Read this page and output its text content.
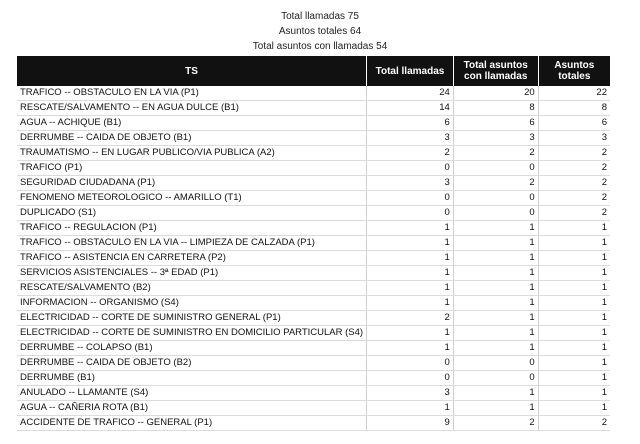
Total llamadas 75
Asuntos totales 64
Total asuntos con llamadas 54
TS	Total llamadas	Total asuntos con llamadas	Asuntos totales
TRAFICO -- OBSTACULO EN LA VIA (P1)	24	20	22
RESCATE/SALVAMENTO -- EN AGUA DULCE (B1)	14	8	8
AGUA -- ACHIQUE (B1)	6	6	6
DERRUMBE -- CAIDA DE OBJETO (B1)	3	3	3
TRAUMATISMO -- EN LUGAR PUBLICO/VIA PUBLICA (A2)	2	2	2
TRAFICO (P1)	0	0	2
SEGURIDAD CIUDADANA (P1)	3	2	2
FENOMENO METEOROLOGICO -- AMARILLO (T1)	0	0	2
DUPLICADO (S1)	0	0	2
TRAFICO -- REGULACION (P1)	1	1	1
TRAFICO -- OBSTACULO EN LA VIA -- LIMPIEZA DE CALZADA (P1)	1	1	1
TRAFICO -- ASISTENCIA EN CARRETERA (P2)	1	1	1
SERVICIOS ASISTENCIALES -- 3ª EDAD (P1)	1	1	1
RESCATE/SALVAMENTO (B2)	1	1	1
INFORMACION -- ORGANISMO (S4)	1	1	1
ELECTRICIDAD -- CORTE DE SUMINISTRO GENERAL (P1)	2	1	1
ELECTRICIDAD -- CORTE DE SUMINISTRO EN DOMICILIO PARTICULAR (S4)	1	1	1
DERRUMBE -- COLAPSO (B1)	1	1	1
DERRUMBE -- CAIDA DE OBJETO (B2)	0	0	1
DERRUMBE (B1)	0	0	1
ANULADO -- LLAMANTE (S4)	3	1	1
AGUA -- CAÑERIA ROTA (B1)	1	1	1
ACCIDENTE DE TRAFICO -- GENERAL (P1)	9	2	2
